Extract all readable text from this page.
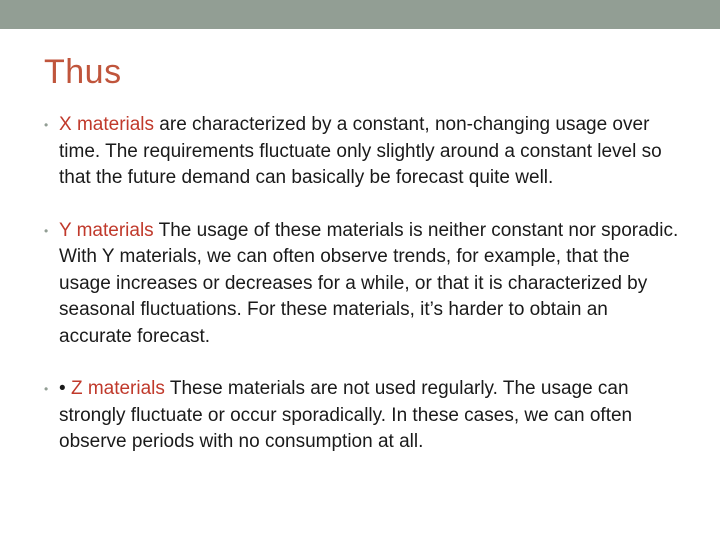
Thus
• X materials are characterized by a constant, non-changing usage over time. The requirements fluctuate only slightly around a constant level so that the future demand can basically be forecast quite well.
• Y materials The usage of these materials is neither constant nor sporadic. With Y materials, we can often observe trends, for example, that the usage increases or decreases for a while, or that it is characterized by seasonal fluctuations. For these materials, it’s harder to obtain an accurate forecast.
• • Z materials These materials are not used regularly. The usage can strongly fluctuate or occur sporadically. In these cases, we can often observe periods with no consumption at all.
